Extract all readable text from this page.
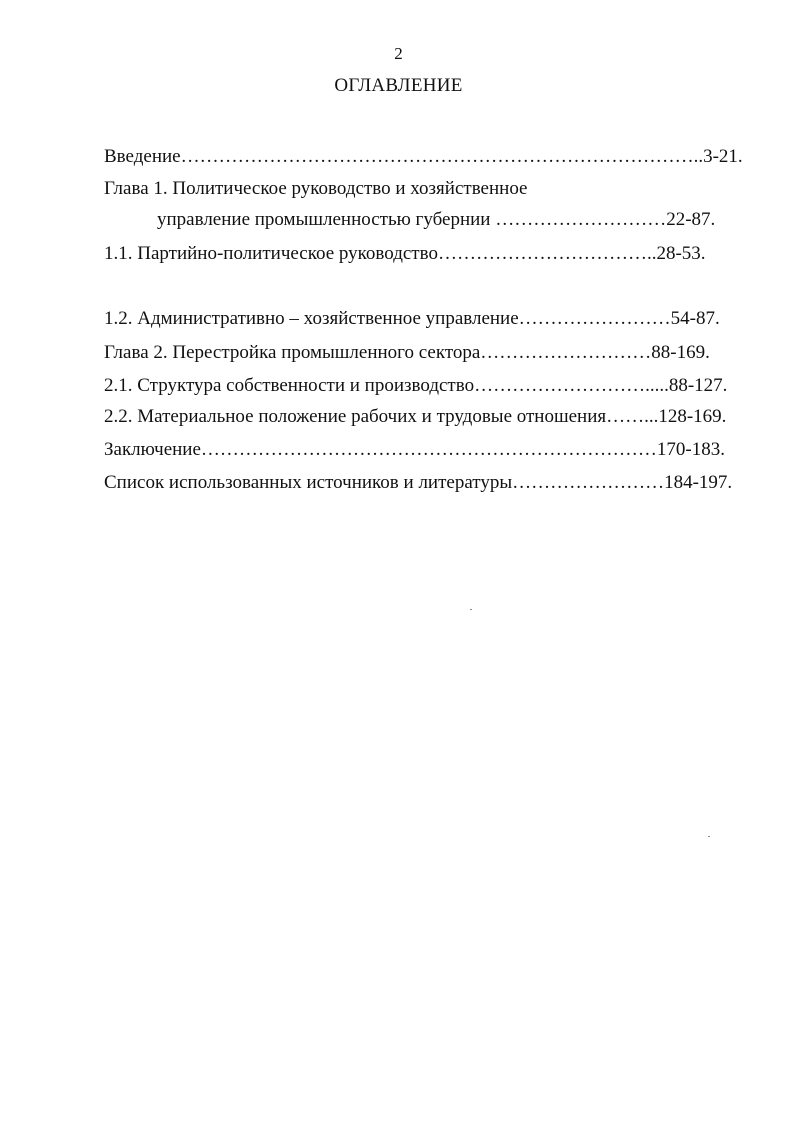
2
ОГЛАВЛЕНИЕ
Введение………………………………………………………………………..3-21.
Глава 1. Политическое руководство и хозяйственное
управление промышленностью губернии ………………………22-87.
1.1. Партийно-политическое руководство……………………………..28-53.
1.2. Административно – хозяйственное управление……………………54-87.
Глава 2. Перестройка промышленного сектора………………………88-169.
2.1. Структура собственности и производство……………………….....88-127.
2.2. Материальное положение рабочих и трудовые отношения……...128-169.
Заключение………………………………………………………………170-183.
Список использованных источников и литературы……………………184-197.
